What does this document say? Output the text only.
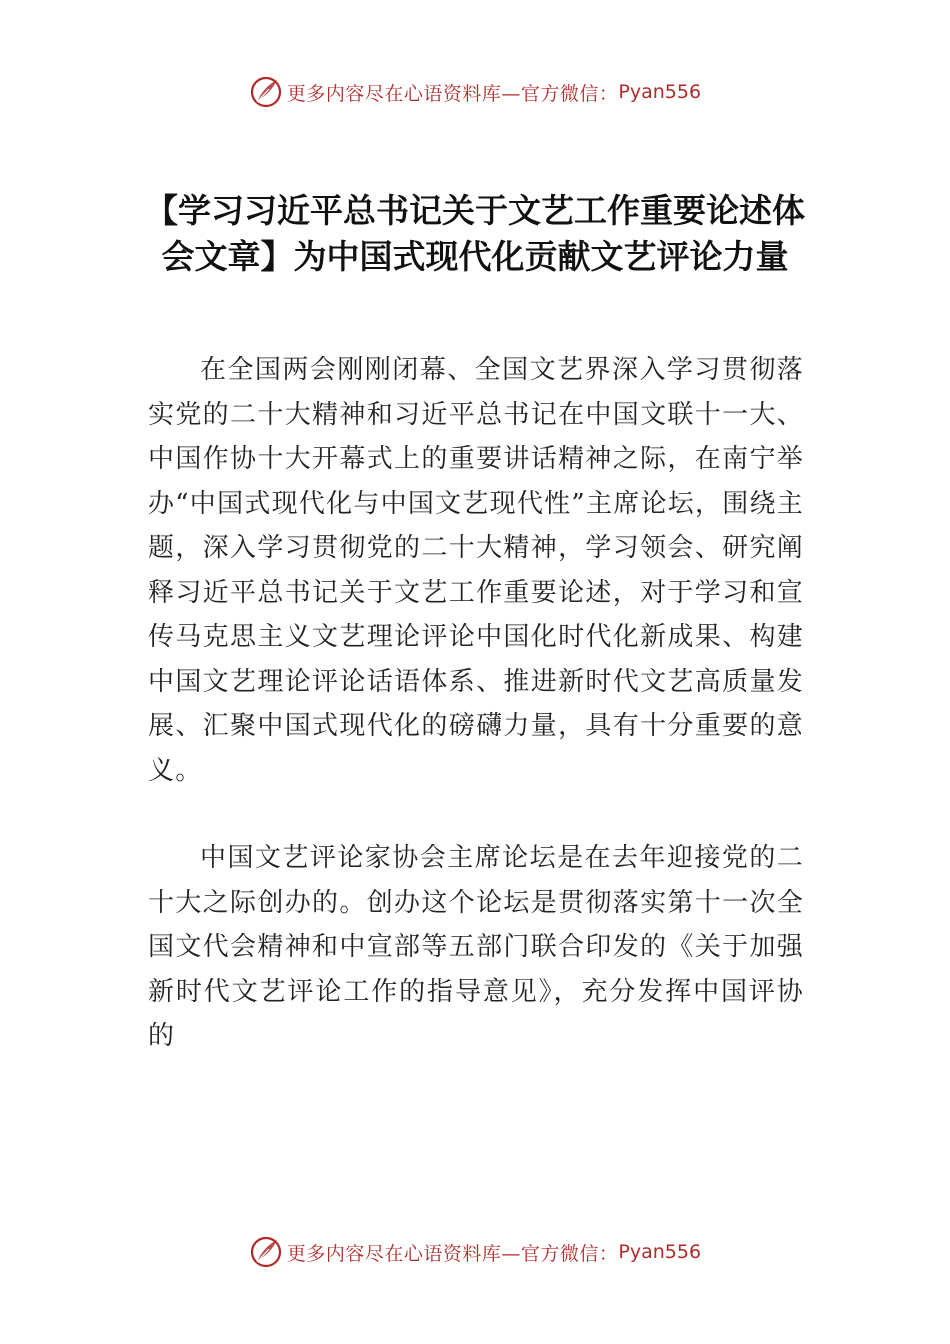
更多内容尽在心语资料库—官方微信： Pyan556
【学习习近平总书记关于文艺工作重要论述体会文章】为中国式现代化贡献文艺评论力量

在全国两会刚刚闭幕、全国文艺界深入学习贯彻落实党的二十大精神和习近平总书记在中国文联十一大、中国作协十大开幕式上的重要讲话精神之际，在南宁举办“中国式现代化与中国文艺现代性”主席论坛，围绕主题，深入学习贯彻党的二十大精神，学习领会、研究阐释习近平总书记关于文艺工作重要论述，对于学习和宣传马克思主义文艺理论评论中国化时代化新成果、构建中国文艺理论评论话语体系、推进新时代文艺高质量发展、汇聚中国式现代化的磅礴力量，具有十分重要的意义。

中国文艺评论家协会主席论坛是在去年迎接党的二十大之际创办的。创办这个论坛是贯彻落实第十一次全国文代会精神和中宣部等五部门联合印发的《关于加强新时代文艺评论工作的指导意见》，充分发挥中国评协的

更多内容尽在心语资料库—官方微信： Pyan556
